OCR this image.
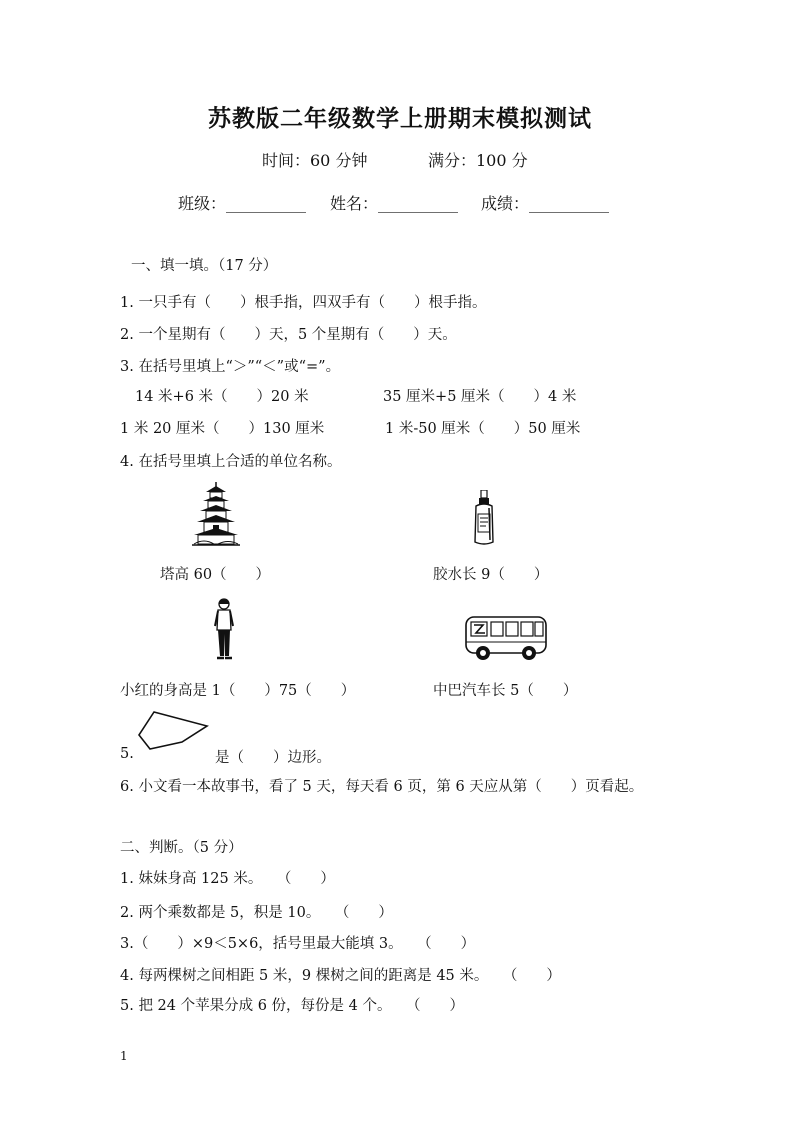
苏教版二年级数学上册期末模拟测试
时间：60 分钟	满分：100 分
班级：__________ 姓名：__________ 成绩：__________
一、填一填。（17 分）
1. 一只手有（　　）根手指，四双手有（　　）根手指。
2. 一个星期有（　　）天，5 个星期有（　　）天。
3. 在括号里填上“＞”“＜”或“=”。
14 米+6 米（　　）20 米	35 厘米+5 厘米（　　）4 米
1 米 20 厘米（　　）130 厘米	1 米-50 厘米（　　）50 厘米
4. 在括号里填上合适的单位名称。
塔高 60（　　）	胶水长 9（　　）
小红的身高是 1（　　）75（　　）	中巴汽车长 5（　　）
5.	是（　　）边形。
6. 小文看一本故事书，看了 5 天，每天看 6 页，第 6 天应从第（　　）页看起。
二、判断。（5 分）
1. 妹妹身高 125 米。　　（　　）
2. 两个乘数都是 5，积是 10。　　（　　）
3.（　　）×9＜5×6，括号里最大能填 3。　　（　　）
4. 每两棵树之间相距 5 米，9 棵树之间的距离是 45 米。　　（　　）
5. 把 24 个苹果分成 6 份，每份是 4 个。　　（　　）
1
